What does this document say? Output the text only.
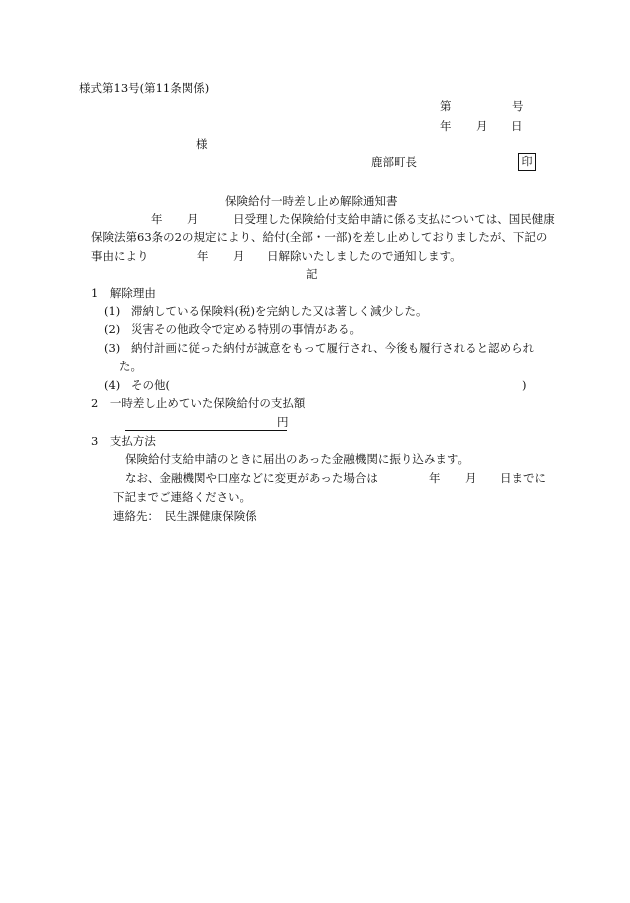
様式第13号(第11条関係)
第	号
年 月 日
様
鹿部町長	印
保険給付一時差し止め解除通知書
年 月	日受理した保険給付支給申請に係る支払については、国民健康
保険法第63条の2の規定により、給付(全部・一部)を差し止めしておりましたが、下記の
事由により	年 月 日解除いたしましたので通知します。
記
1　解除理由
(1) 滞納している保険料(税)を完納した又は著しく減少した。
(2) 災害その他政令で定める特別の事情がある。
(3) 納付計画に従った納付が誠意をもって履行され、今後も履行されると認められ
た。
(4) その他(	)
2　一時差し止めていた保険給付の支払額
円
3　支払方法
保険給付支給申請のときに届出のあった金融機関に振り込みます。
なお、金融機関や口座などに変更があった場合は	年 月 日までに
下記までご連絡ください。
連絡先：　民生課健康保険係
